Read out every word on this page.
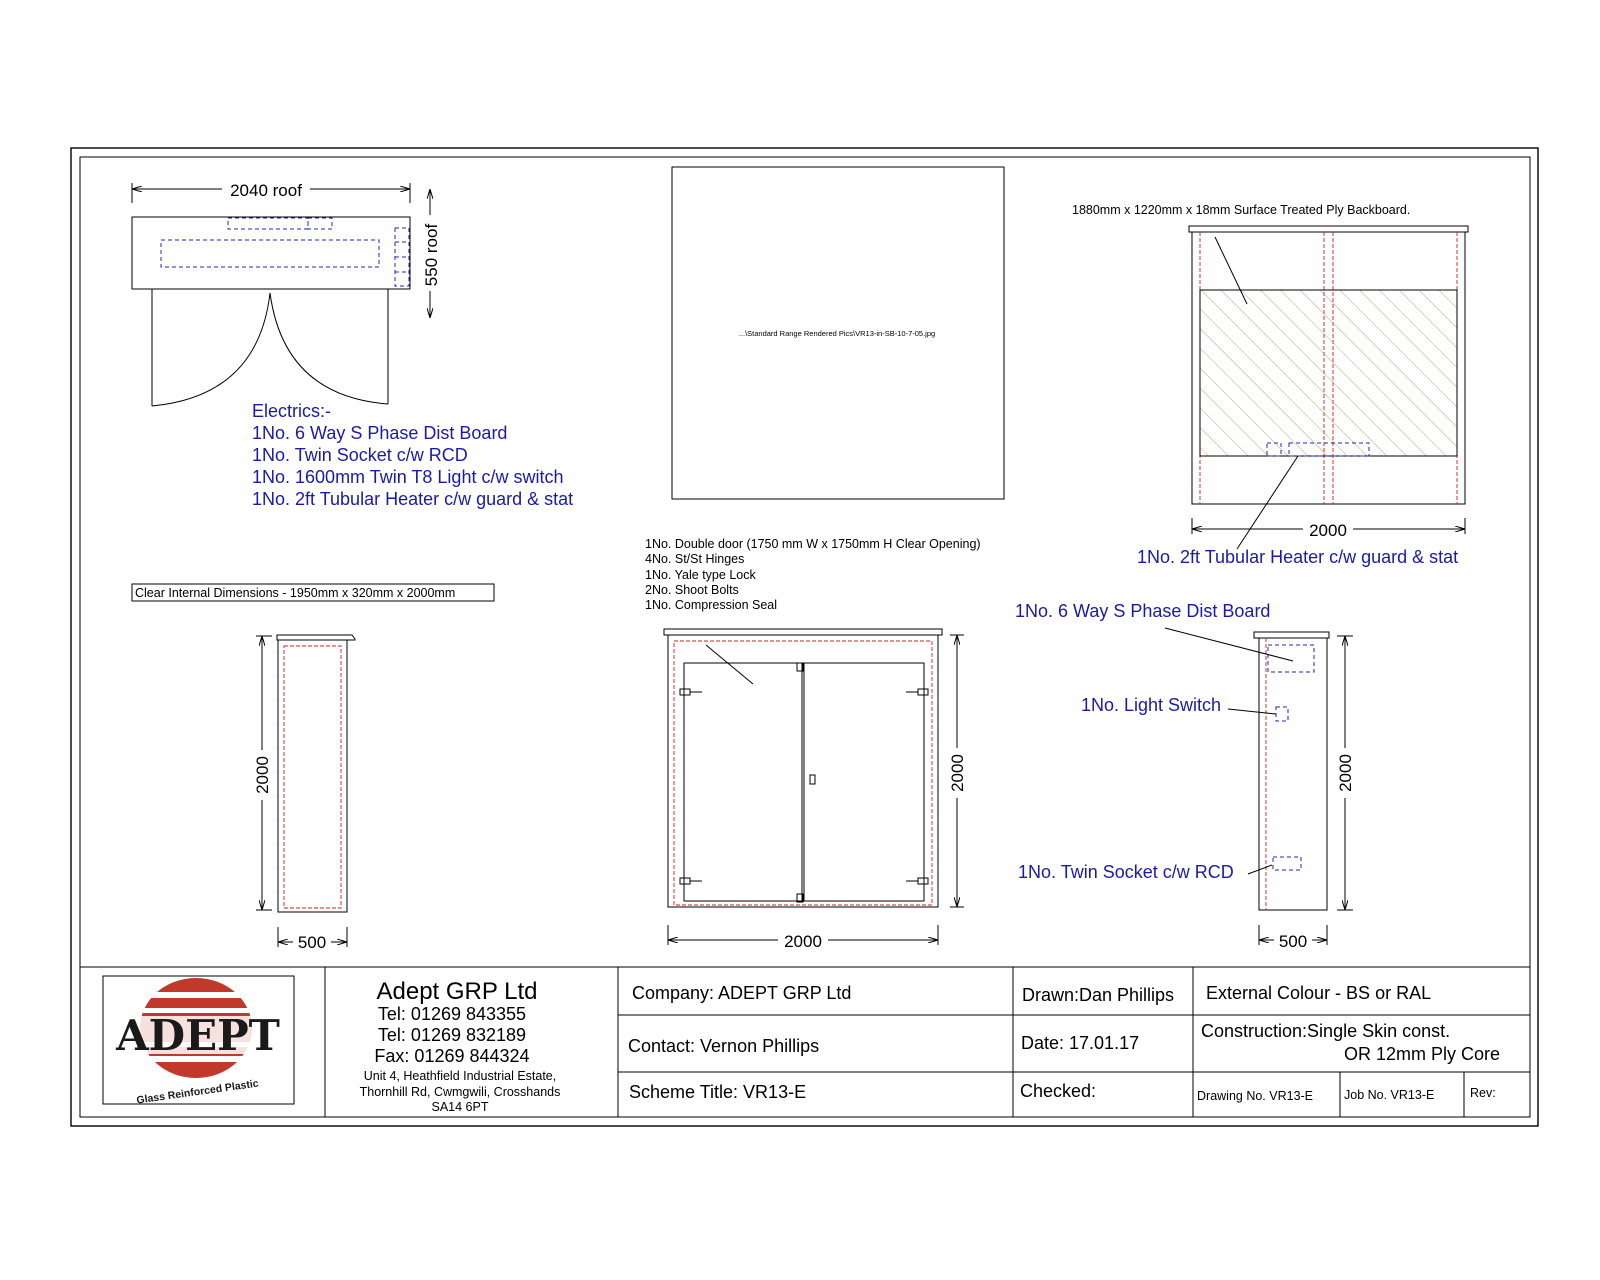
2040 roof
550 roof
Electrics:-
1No. 6 Way S Phase Dist Board
1No. Twin Socket c/w RCD
1No. 1600mm Twin T8 Light c/w switch
1No. 2ft Tubular Heater c/w guard & stat
...\Standard Range Rendered Pics\VR13-in-SB-10-7-05.jpg
1880mm x 1220mm x 18mm Surface Treated Ply Backboard.
2000
1No. 2ft Tubular Heater c/w guard & stat
Clear Internal Dimensions - 1950mm x 320mm x 2000mm
1No. Double door (1750 mm W x 1750mm H Clear Opening)
4No. St/St Hinges
1No. Yale type Lock
2No. Shoot Bolts
1No. Compression Seal
2000
500
2000
2000
1No. 6 Way S Phase Dist Board
1No. Light Switch
1No. Twin Socket c/w RCD
2000
500
ADEPT
Glass Reinforced Plastic
Adept GRP Ltd
Tel: 01269 843355
Tel: 01269 832189
Fax: 01269 844324
Unit 4, Heathfield Industrial Estate,
Thornhill Rd, Cwmgwili, Crosshands
SA14 6PT
Company: ADEPT GRP Ltd
Contact: Vernon Phillips
Scheme Title: VR13-E
Drawn:Dan Phillips
Date: 17.01.17
Checked:
External Colour - BS or RAL
Construction:Single Skin const.
OR 12mm Ply Core
Drawing No. VR13-E Job No. VR13-E	Rev:
